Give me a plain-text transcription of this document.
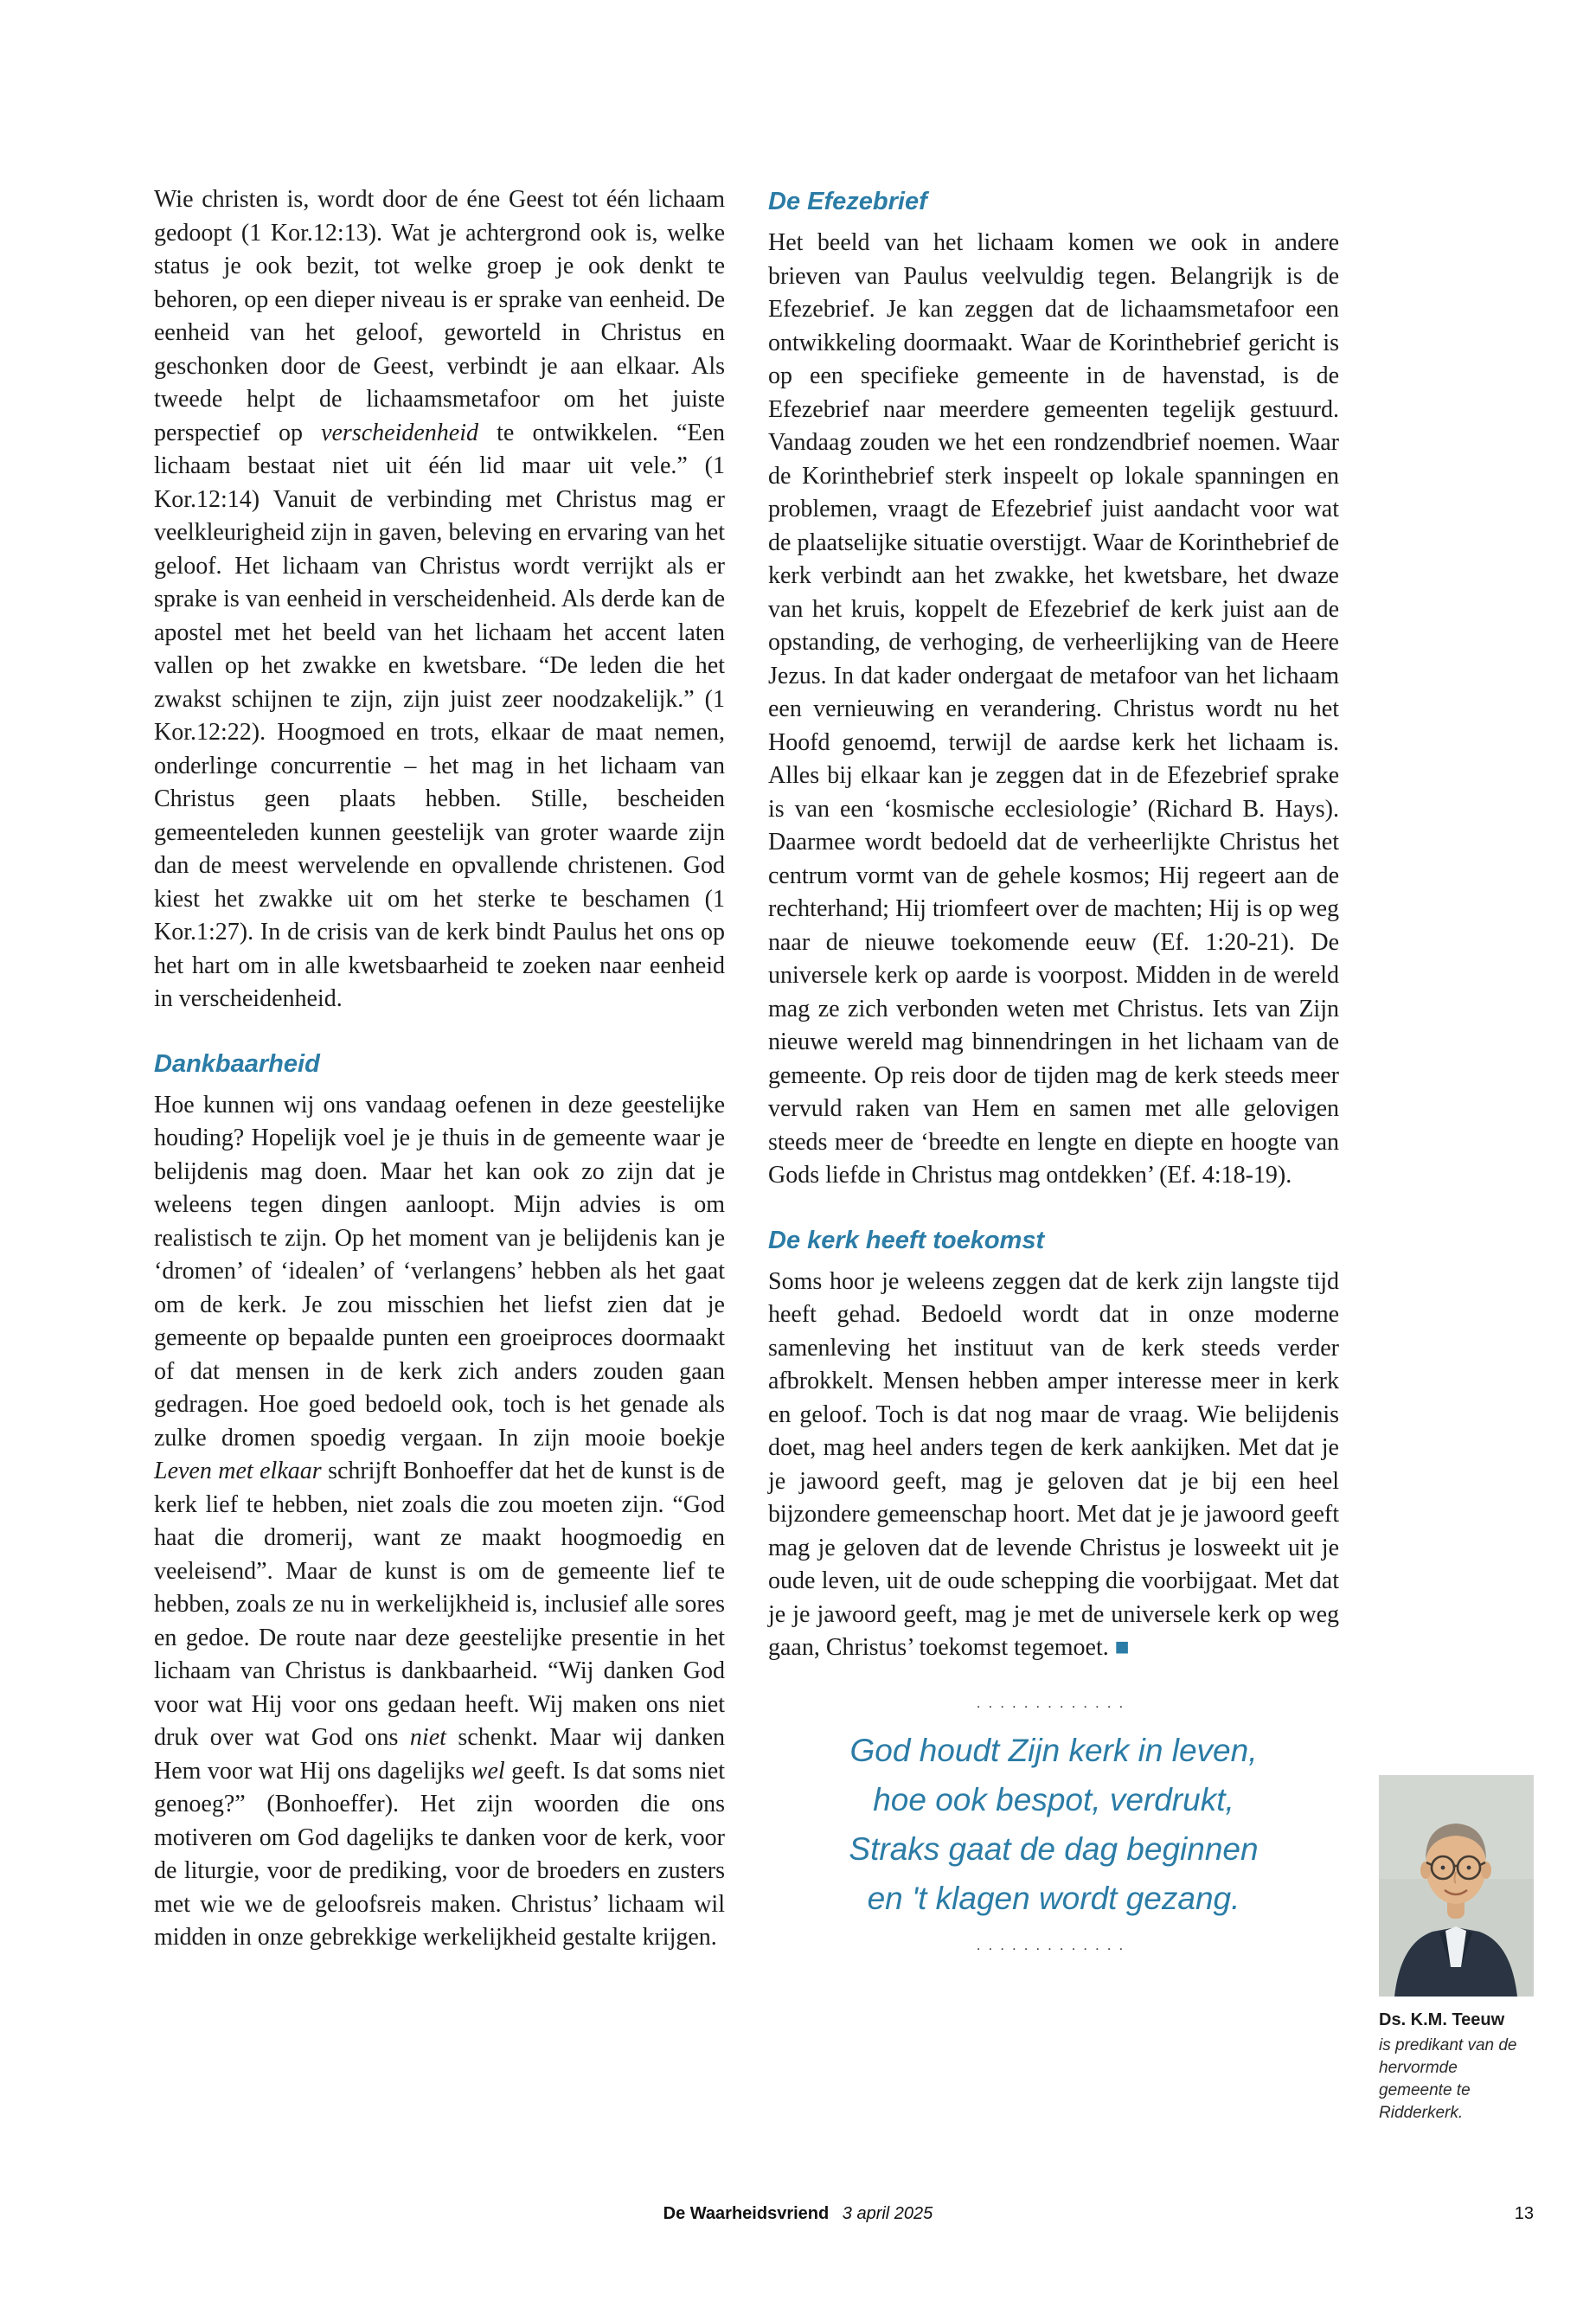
Wie christen is, wordt door de éne Geest tot één lichaam gedoopt (1 Kor.12:13). Wat je achtergrond ook is, welke status je ook bezit, tot welke groep je ook denkt te behoren, op een dieper niveau is er sprake van eenheid. De eenheid van het geloof, geworteld in Christus en geschonken door de Geest, verbindt je aan elkaar. Als tweede helpt de lichaamsmetafoor om het juiste perspectief op verscheidenheid te ontwikkelen. “Een lichaam bestaat niet uit één lid maar uit vele.” (1 Kor.12:14) Vanuit de verbinding met Christus mag er veelkleurigheid zijn in gaven, beleving en ervaring van het geloof. Het lichaam van Christus wordt verrijkt als er sprake is van eenheid in verscheidenheid. Als derde kan de apostel met het beeld van het lichaam het accent laten vallen op het zwakke en kwetsbare. “De leden die het zwakst schijnen te zijn, zijn juist zeer noodzakelijk.” (1 Kor.12:22). Hoogmoed en trots, elkaar de maat nemen, onderlinge concurrentie – het mag in het lichaam van Christus geen plaats hebben. Stille, bescheiden gemeenteleden kunnen geestelijk van groter waarde zijn dan de meest wervelende en opvallende christenen. God kiest het zwakke uit om het sterke te beschamen (1 Kor.1:27). In de crisis van de kerk bindt Paulus het ons op het hart om in alle kwetsbaarheid te zoeken naar eenheid in verscheidenheid.

Dankbaarheid

Hoe kunnen wij ons vandaag oefenen in deze geestelijke houding? Hopelijk voel je je thuis in de gemeente waar je belijdenis mag doen. Maar het kan ook zo zijn dat je weleens tegen dingen aanloopt. Mijn advies is om realistisch te zijn. Op het moment van je belijdenis kan je ‘dromen’ of ‘idealen’ of ‘verlangens’ hebben als het gaat om de kerk. Je zou misschien het liefst zien dat je gemeente op bepaalde punten een groeiproces doormaakt of dat mensen in de kerk zich anders zouden gaan gedragen. Hoe goed bedoeld ook, toch is het genade als zulke dromen spoedig vergaan. In zijn mooie boekje Leven met elkaar schrijft Bonhoeffer dat het de kunst is de kerk lief te hebben, niet zoals die zou moeten zijn. “God haat die dromerij, want ze maakt hoogmoedig en veeleisend”. Maar de kunst is om de gemeente lief te hebben, zoals ze nu in werkelijkheid is, inclusief alle sores en gedoe. De route naar deze geestelijke presentie in het lichaam van Christus is dankbaarheid. “Wij danken God voor wat Hij voor ons gedaan heeft. Wij maken ons niet druk over wat God ons niet schenkt. Maar wij danken Hem voor wat Hij ons dagelijks wel geeft. Is dat soms niet genoeg?” (Bonhoeffer). Het zijn woorden die ons motiveren om God dagelijks te danken voor de kerk, voor de liturgie, voor de prediking, voor de broeders en zusters met wie we de geloofsreis maken. Christus’ lichaam wil midden in onze gebrekkige werkelijkheid gestalte krijgen.

De Efezebrief

Het beeld van het lichaam komen we ook in andere brieven van Paulus veelvuldig tegen. Belangrijk is de Efezebrief. Je kan zeggen dat de lichaamsmetafoor een ontwikkeling doormaakt. Waar de Korinthebrief gericht is op een specifieke gemeente in de havenstad, is de Efezebrief naar meerdere gemeenten tegelijk gestuurd. Vandaag zouden we het een rondzendbrief noemen. Waar de Korinthebrief sterk inspeelt op lokale spanningen en problemen, vraagt de Efezebrief juist aandacht voor wat de plaatselijke situatie overstijgt. Waar de Korinthebrief de kerk verbindt aan het zwakke, het kwetsbare, het dwaze van het kruis, koppelt de Efezebrief de kerk juist aan de opstanding, de verhoging, de verheerlijking van de Heere Jezus. In dat kader ondergaat de metafoor van het lichaam een vernieuwing en verandering. Christus wordt nu het Hoofd genoemd, terwijl de aardse kerk het lichaam is. Alles bij elkaar kan je zeggen dat in de Efezebrief sprake is van een ‘kosmische ecclesiologie’ (Richard B. Hays). Daarmee wordt bedoeld dat de verheerlijkte Christus het centrum vormt van de gehele kosmos; Hij regeert aan de rechterhand; Hij triomfeert over de machten; Hij is op weg naar de nieuwe toekomende eeuw (Ef. 1:20-21). De universele kerk op aarde is voorpost. Midden in de wereld mag ze zich verbonden weten met Christus. Iets van Zijn nieuwe wereld mag binnendringen in het lichaam van de gemeente. Op reis door de tijden mag de kerk steeds meer vervuld raken van Hem en samen met alle gelovigen steeds meer de ‘breedte en lengte en diepte en hoogte van Gods liefde in Christus mag ontdekken’ (Ef. 4:18-19).

De kerk heeft toekomst

Soms hoor je weleens zeggen dat de kerk zijn langste tijd heeft gehad. Bedoeld wordt dat in onze moderne samenleving het instituut van de kerk steeds verder afbrokkelt. Mensen hebben amper interesse meer in kerk en geloof. Toch is dat nog maar de vraag. Wie belijdenis doet, mag heel anders tegen de kerk aankijken. Met dat je je jawoord geeft, mag je geloven dat je bij een heel bijzondere gemeenschap hoort. Met dat je je jawoord geeft mag je geloven dat de levende Christus je losweekt uit je oude leven, uit de oude schepping die voorbijgaat. Met dat je je jawoord geeft, mag je met de universele kerk op weg gaan, Christus’ toekomst tegemoet. ■

.............
God houdt Zijn kerk in leven,
hoe ook bespot, verdrukt,
Straks gaat de dag beginnen
en 't klagen wordt gezang.
.............
Ds. K.M. Teeuw
is predikant van de hervormde gemeente te Ridderkerk.
De Waarheidsvriend 3 april 2025	13
